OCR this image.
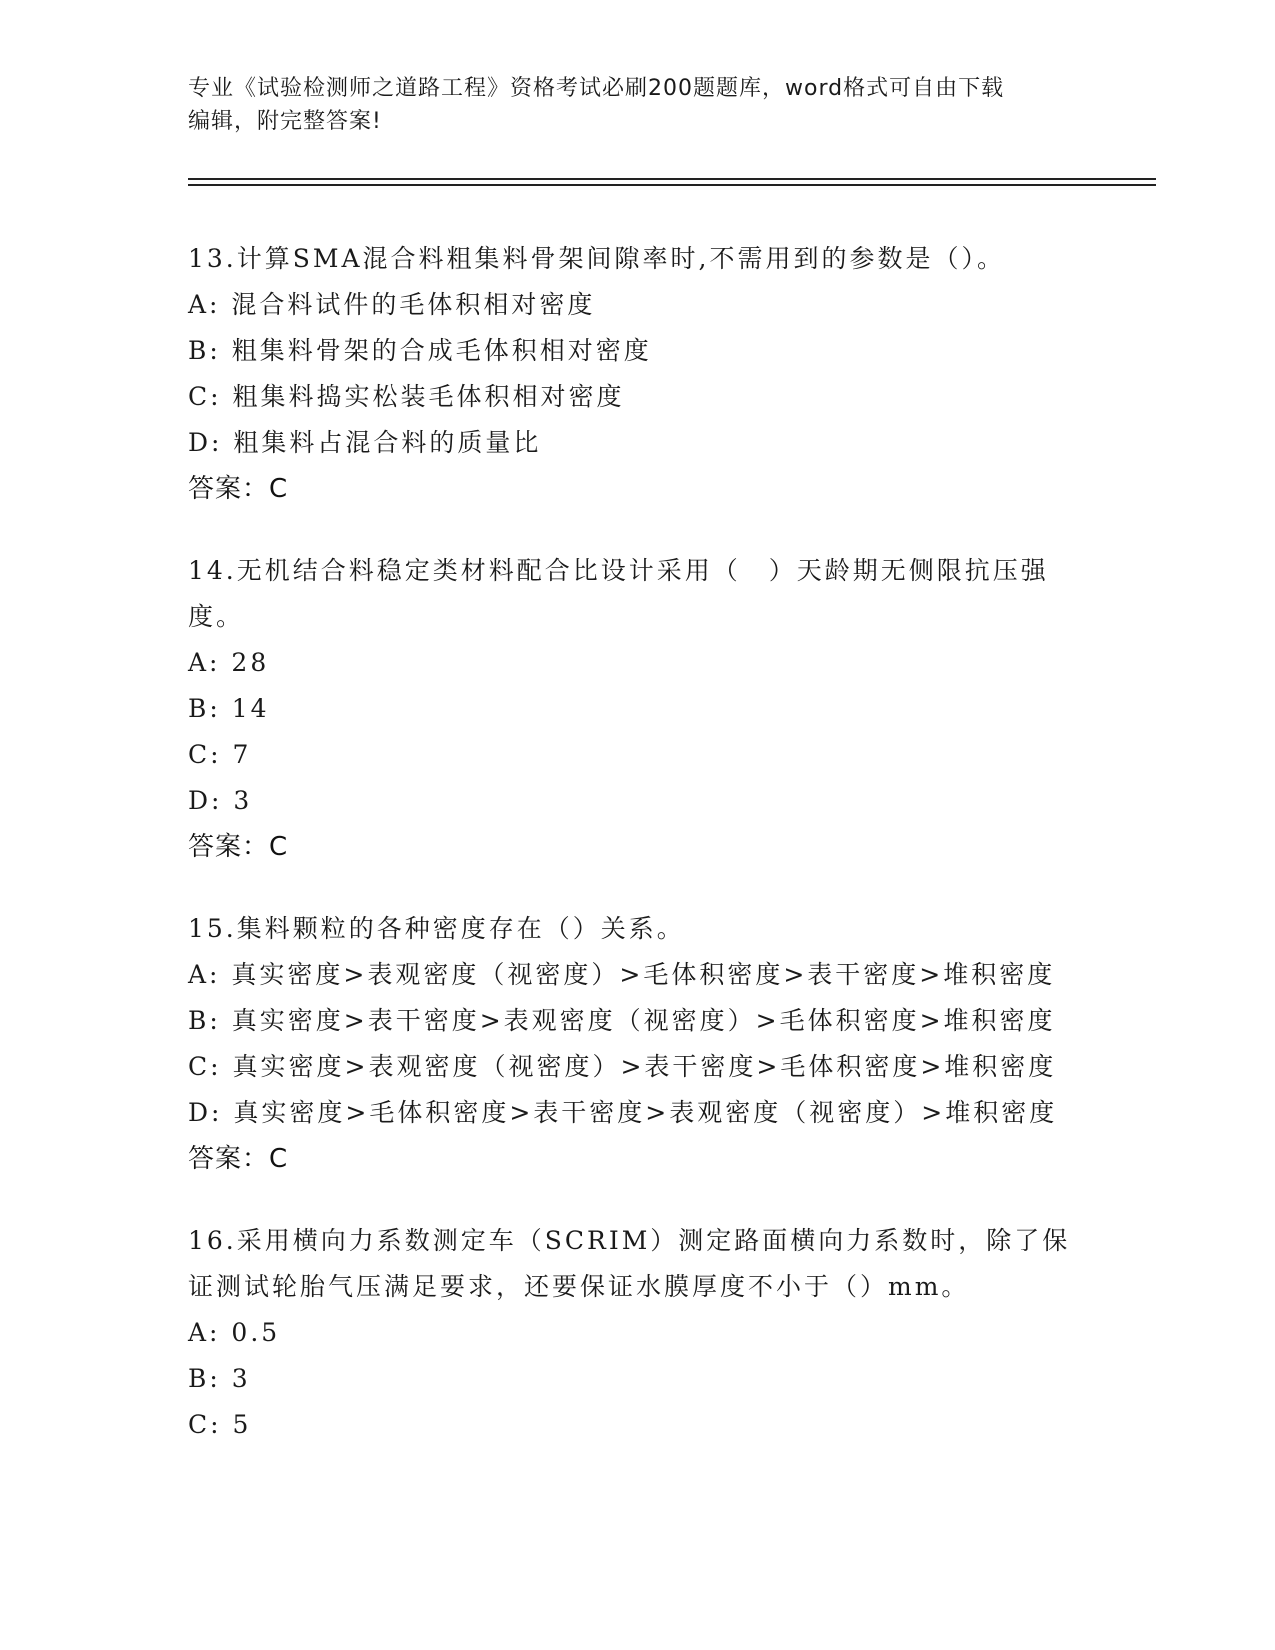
专业《试验检测师之道路工程》资格考试必刷200题题库，word格式可自由下载
编辑，附完整答案!
13.计算SMA混合料粗集料骨架间隙率时,不需用到的参数是（）。
A: 混合料试件的毛体积相对密度
B: 粗集料骨架的合成毛体积相对密度
C: 粗集料捣实松装毛体积相对密度
D: 粗集料占混合料的质量比
答案：C
14.无机结合料稳定类材料配合比设计采用（　）天龄期无侧限抗压强度。
A: 28
B: 14
C: 7
D: 3
答案：C
15.集料颗粒的各种密度存在（）关系。
A: 真实密度>表观密度（视密度）>毛体积密度>表干密度>堆积密度
B: 真实密度>表干密度>表观密度（视密度）>毛体积密度>堆积密度
C: 真实密度>表观密度（视密度）>表干密度>毛体积密度>堆积密度
D: 真实密度>毛体积密度>表干密度>表观密度（视密度）>堆积密度
答案：C
16.采用横向力系数测定车（SCRIM）测定路面横向力系数时，除了保证测试轮胎气压满足要求，还要保证水膜厚度不小于（）mm。
A: 0.5
B: 3
C: 5
